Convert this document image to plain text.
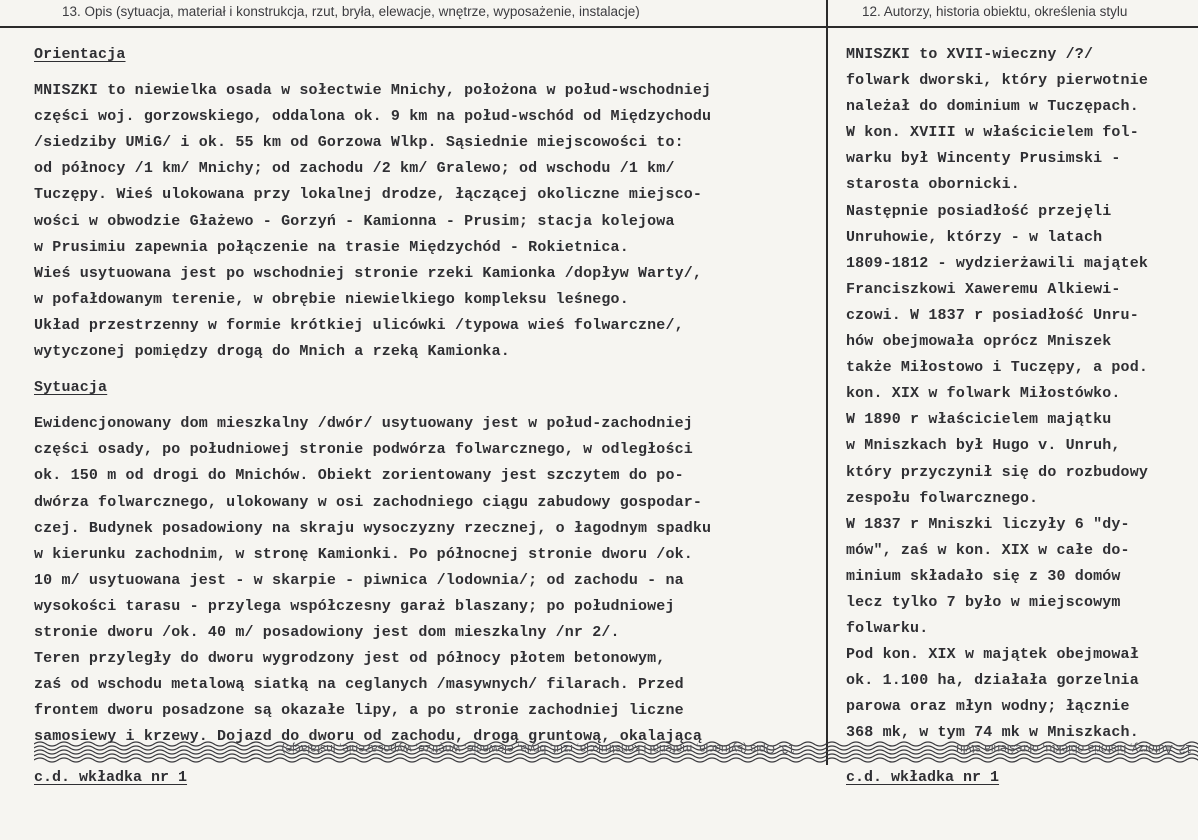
13. Opis (sytuacja, materiał i konstrukcja, rzut, bryła, elewacje, wnętrze, wyposażenie, instalacje)	12. Autorzy, historia obiektu, określenia stylu
Orientacja
MNISZKI to niewielka osada w sołectwie Mnichy, położona w połud-wschodniej
części woj. gorzowskiego, oddalona ok. 9 km na połud-wschód od Międzychodu
/siedziby UMiG/ i ok. 55 km od Gorzowa Wlkp. Sąsiednie miejscowości to:
od północy /1 km/ Mnichy; od zachodu /2 km/ Gralewo; od wschodu /1 km/
Tuczępy. Wieś ulokowana przy lokalnej drodze, łączącej okoliczne miejsco-
wości w obwodzie Głażewo - Gorzyń - Kamionna - Prusim; stacja kolejowa
w Prusimiu zapewnia połączenie na trasie Międzychód - Rokietnica.
Wieś usytuowana jest po wschodniej stronie rzeki Kamionka /dopływ Warty/,
w pofałdowanym terenie, w obrębie niewielkiego kompleksu leśnego.
Układ przestrzenny w formie krótkiej ulicówki /typowa wieś folwarczne/,
wytyczonej pomiędzy drogą do Mnich a rzeką Kamionka.
Sytuacja
Ewidencjonowany dom mieszkalny /dwór/ usytuowany jest w połud-zachodniej
części osady, po południowej stronie podwórza folwarcznego, w odległości
ok. 150 m od drogi do Mnichów. Obiekt zorientowany jest szczytem do po-
dwórza folwarcznego, ulokowany w osi zachodniego ciągu zabudowy gospodar-
czej. Budynek posadowiony na skraju wysoczyzny rzecznej, o łagodnym spadku
w kierunku zachodnim, w stronę Kamionki. Po północnej stronie dworu /ok.
10 m/ usytuowana jest - w skarpie - piwnica /lodownia/; od zachodu - na
wysokości tarasu - przylega współczesny garaż blaszany; po południowej
stronie dworu /ok. 40 m/ posadowiony jest dom mieszkalny /nr 2/.
Teren przyległy do dworu wygrodzony jest od północy płotem betonowym,
zaś od wschodu metalową siatką na ceglanych /masywnych/ filarach. Przed
frontem dworu posadzone są okazałe lipy, a po stronie zachodniej liczne
samosiewy i krzewy. Dojazd do dworu od zachodu, drogą gruntową, okalającą
MNISZKI to XVII-wieczny /?/
folwark dworski, który pierwotnie
należał do dominium w Tuczępach.
W kon. XVIII w właścicielem fol-
warku był Wincenty Prusimski -
starosta obornicki.
Następnie posiadłość przejęli
Unruhowie, którzy - w latach
1809-1812 - wydzierżawili majątek
Franciszkowi Xaweremu Alkiewi-
czowi. W 1837 r posiadłość Unru-
hów obejmowała oprócz Mniszek
także Miłostowo i Tuczępy, a pod.
kon. XIX w folwark Miłostówko.
W 1890 r właścicielem majątku
w Mniszkach był Hugo v. Unruh,
który przyczynił się do rozbudowy
zespołu folwarcznego.
W 1837 r Mniszki liczyły 6 "dy-
mów", zaś w kon. XIX w całe do-
minium składało się z 30 domów
lecz tylko 7 było w miejscowym
folwarku.
Pod kon. XIX w majątek obejmował
ok. 1.100 ha, działała gorzelnia
parowa oraz młyn wodny; łącznie
368 mk, w tym 74 mk w Mniszkach.
13. Opis (sytuacja, materiał i konstrukcja, rzut, bryła, elewacje, wnętrze, wyposażenie, instalacje)	12. Autorzy, historia obiektu, określenia stylu
c.d. wkładka nr 1	c.d. wkładka nr 1
